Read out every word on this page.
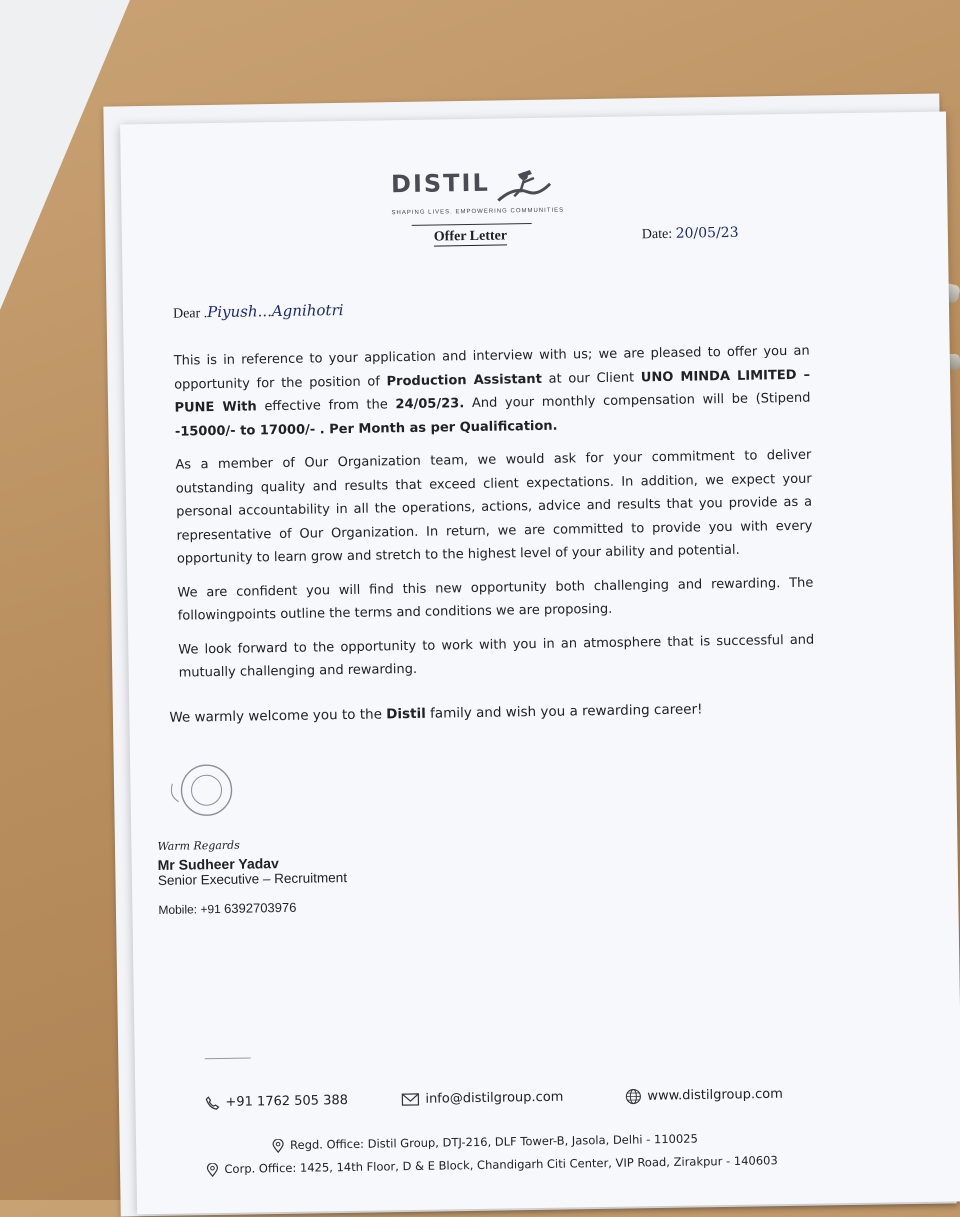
DISTIL
SHAPING LIVES. EMPOWERING COMMUNITIES
Offer Letter	Date: 20/05/23
Dear .Piyush...Agnihotri

This is in reference to your application and interview with us; we are pleased to offer you an opportunity for the position of Production Assistant at our Client UNO MINDA LIMITED – PUNE With effective from the 24/05/23. And your monthly compensation will be (Stipend -15000/- to 17000/- . Per Month as per Qualification.

As a member of Our Organization team, we would ask for your commitment to deliver outstanding quality and results that exceed client expectations. In addition, we expect your personal accountability in all the operations, actions, advice and results that you provide as a representative of Our Organization. In return, we are committed to provide you with every opportunity to learn grow and stretch to the highest level of your ability and potential.

We are confident you will find this new opportunity both challenging and rewarding. The followingpoints outline the terms and conditions we are proposing.

We look forward to the opportunity to work with you in an atmosphere that is successful and mutually challenging and rewarding.

We warmly welcome you to the Distil family and wish you a rewarding career!
Warm Regards
Mr Sudheer Yadav
Senior Executive – Recruitment
Mobile: +91 6392703976
+91 1762 505 388	info@distilgroup.com	www.distilgroup.com
Regd. Office: Distil Group, DTJ-216, DLF Tower-B, Jasola, Delhi - 110025
Corp. Office: 1425, 14th Floor, D & E Block, Chandigarh Citi Center, VIP Road, Zirakpur - 140603
